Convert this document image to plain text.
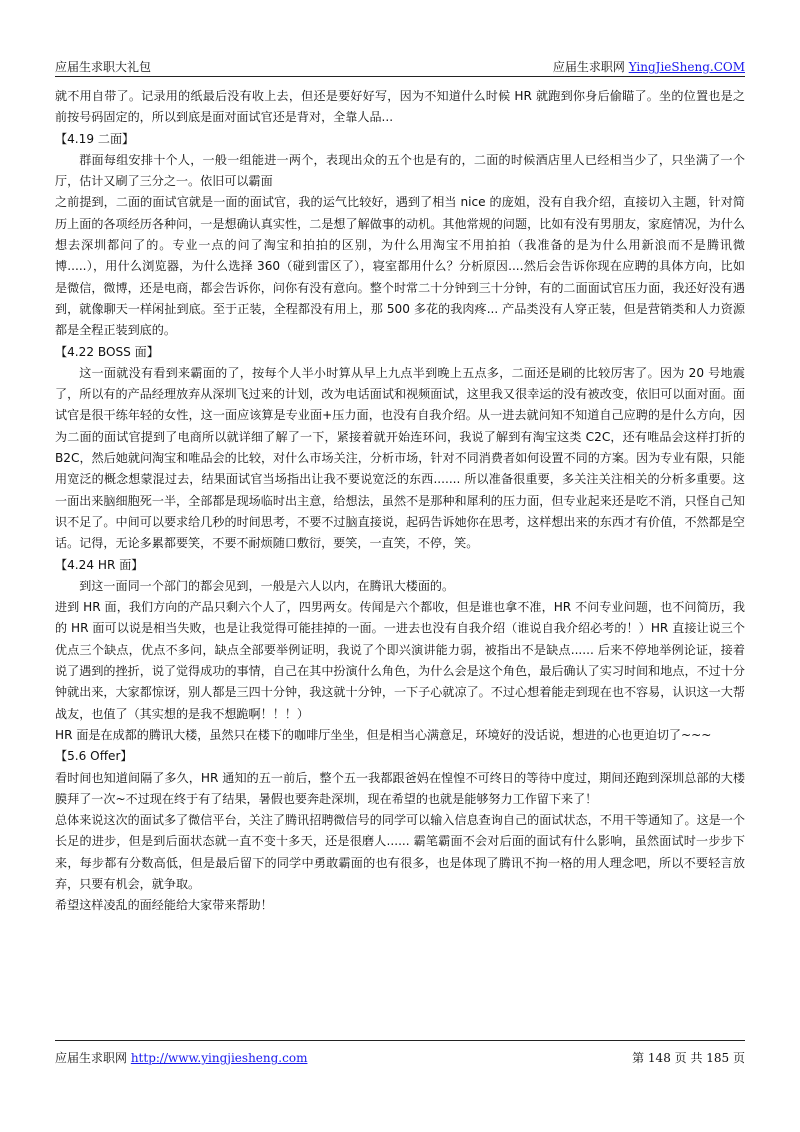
应届生求职大礼包	应届生求职网 YingJieSheng.COM

就不用自带了。记录用的纸最后没有收上去，但还是要好好写，因为不知道什么时候 HR 就跑到你身后偷瞄了。坐的位置也是之前按号码固定的，所以到底是面对面试官还是背对，全靠人品...

【4.19 二面】

群面每组安排十个人，一般一组能进一两个，表现出众的五个也是有的，二面的时候酒店里人已经相当少了，只坐满了一个厅，估计又刷了三分之一。依旧可以霸面

之前提到，二面的面试官就是一面的面试官，我的运气比较好，遇到了相当 nice 的庞姐，没有自我介绍，直接切入主题，针对简历上面的各项经历各种问，一是想确认真实性，二是想了解做事的动机。其他常规的问题，比如有没有男朋友，家庭情况，为什么想去深圳都问了的。专业一点的问了淘宝和拍拍的区别，为什么用淘宝不用拍拍（我准备的是为什么用新浪而不是腾讯微博.....），用什么浏览器，为什么选择 360（碰到雷区了），寝室都用什么？分析原因....然后会告诉你现在应聘的具体方向，比如是微信，微博，还是电商，都会告诉你，问你有没有意向。整个时常二十分钟到三十分钟，有的二面面试官压力面，我还好没有遇到，就像聊天一样闲扯到底。至于正装，全程都没有用上，那 500 多花的我肉疼... 产品类没有人穿正装，但是营销类和人力资源都是全程正装到底的。

【4.22 BOSS 面】

这一面就没有看到来霸面的了，按每个人半小时算从早上九点半到晚上五点多，二面还是刷的比较厉害了。因为 20 号地震了，所以有的产品经理放弃从深圳飞过来的计划，改为电话面试和视频面试，这里我又很幸运的没有被改变，依旧可以面对面。面试官是很干练年轻的女性，这一面应该算是专业面+压力面，也没有自我介绍。从一进去就问知不知道自己应聘的是什么方向，因为二面的面试官提到了电商所以就详细了解了一下，紧接着就开始连环问，我说了解到有淘宝这类 C2C，还有唯品会这样打折的 B2C，然后她就问淘宝和唯品会的比较，对什么市场关注，分析市场，针对不同消费者如何设置不同的方案。因为专业有限，只能用宽泛的概念想蒙混过去，结果面试官当场指出让我不要说宽泛的东西....... 所以准备很重要，多关注关注相关的分析多重要。这一面出来脑细胞死一半，全部都是现场临时出主意，给想法，虽然不是那种和犀利的压力面，但专业起来还是吃不消，只怪自己知识不足了。中间可以要求给几秒的时间思考，不要不过脑直接说，起码告诉她你在思考，这样想出来的东西才有价值，不然都是空话。记得，无论多累都要笑，不要不耐烦随口敷衍，要笑，一直笑，不停，笑。

【4.24 HR 面】

到这一面同一个部门的都会见到，一般是六人以内，在腾讯大楼面的。

进到 HR 面，我们方向的产品只剩六个人了，四男两女。传闻是六个都收，但是谁也拿不准，HR 不问专业问题，也不问简历，我的 HR 面可以说是相当失败，也是让我觉得可能挂掉的一面。一进去也没有自我介绍（谁说自我介绍必考的！）HR 直接让说三个优点三个缺点，优点不多问，缺点全部要举例证明，我说了个即兴演讲能力弱，被指出不是缺点...... 后来不停地举例论证，接着说了遇到的挫折，说了觉得成功的事情，自己在其中扮演什么角色，为什么会是这个角色，最后确认了实习时间和地点，不过十分钟就出来，大家都惊讶，别人都是三四十分钟，我这就十分钟，一下子心就凉了。不过心想着能走到现在也不容易，认识这一大帮战友，也值了（其实想的是我不想跪啊！！！）

HR 面是在成都的腾讯大楼，虽然只在楼下的咖啡厅坐坐，但是相当心满意足，环境好的没话说，想进的心也更迫切了~~~

【5.6 Offer】

看时间也知道间隔了多久，HR 通知的五一前后，整个五一我都跟爸妈在惶惶不可终日的等待中度过，期间还跑到深圳总部的大楼膜拜了一次~不过现在终于有了结果，暑假也要奔赴深圳，现在希望的也就是能够努力工作留下来了！

总体来说这次的面试多了微信平台，关注了腾讯招聘微信号的同学可以输入信息查询自己的面试状态，不用干等通知了。这是一个长足的进步，但是到后面状态就一直不变十多天，还是很磨人...... 霸笔霸面不会对后面的面试有什么影响，虽然面试时一步步下来，每步都有分数高低，但是最后留下的同学中勇敢霸面的也有很多，也是体现了腾讯不拘一格的用人理念吧，所以不要轻言放弃，只要有机会，就争取。

希望这样凌乱的面经能给大家带来帮助！

应届生求职网 http://www.yingjiesheng.com	第 148 页 共 185 页
